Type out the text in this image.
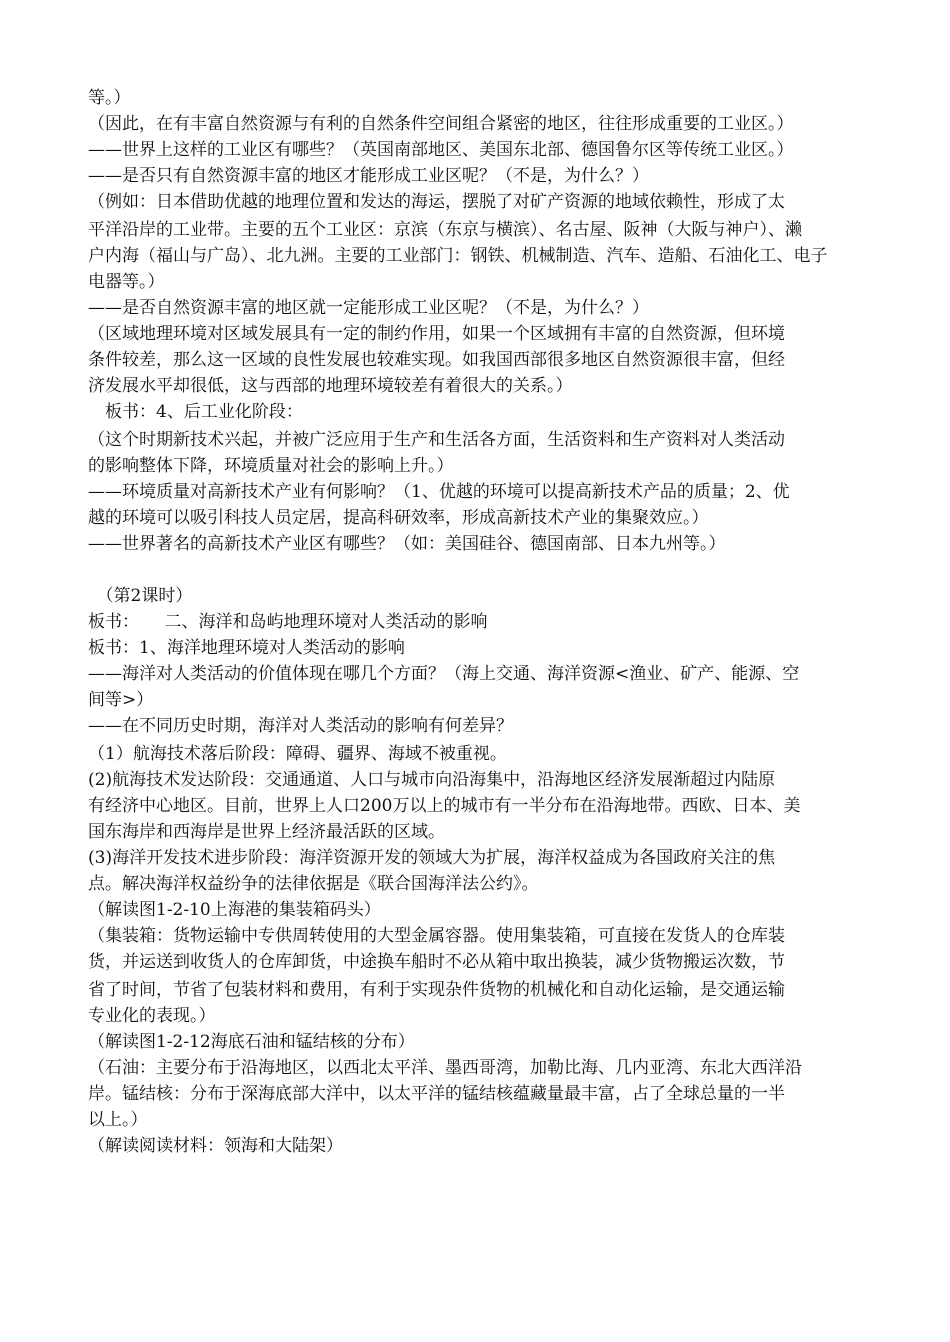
等。）
（因此，在有丰富自然资源与有利的自然条件空间组合紧密的地区，往往形成重要的工业区。）
——世界上这样的工业区有哪些？（英国南部地区、美国东北部、德国鲁尔区等传统工业区。）
——是否只有自然资源丰富的地区才能形成工业区呢？（不是，为什么？）
（例如：日本借助优越的地理位置和发达的海运，摆脱了对矿产资源的地域依赖性，形成了太
平洋沿岸的工业带。主要的五个工业区：京滨（东京与横滨）、名古屋、阪神（大阪与神户）、濑
户内海（福山与广岛）、北九洲。主要的工业部门：钢铁、机械制造、汽车、造船、石油化工、电子
电器等。）
——是否自然资源丰富的地区就一定能形成工业区呢？（不是，为什么？）
（区域地理环境对区域发展具有一定的制约作用，如果一个区域拥有丰富的自然资源，但环境
条件较差，那么这一区域的良性发展也较难实现。如我国西部很多地区自然资源很丰富，但经
济发展水平却很低，这与西部的地理环境较差有着很大的关系。）
　板书：4、后工业化阶段：
（这个时期新技术兴起，并被广泛应用于生产和生活各方面，生活资料和生产资料对人类活动
的影响整体下降，环境质量对社会的影响上升。）
——环境质量对高新技术产业有何影响？（1、优越的环境可以提高新技术产品的质量；2、优
越的环境可以吸引科技人员定居，提高科研效率，形成高新技术产业的集聚效应。）
——世界著名的高新技术产业区有哪些？（如：美国硅谷、德国南部、日本九州等。）
　（第2课时）
板书：　　二、海洋和岛屿地理环境对人类活动的影响
板书：1、海洋地理环境对人类活动的影响
——海洋对人类活动的价值体现在哪几个方面？（海上交通、海洋资源<渔业、矿产、能源、空
间等>）
——在不同历史时期，海洋对人类活动的影响有何差异？
（1）航海技术落后阶段：障碍、疆界、海域不被重视。
(2)航海技术发达阶段：交通通道、人口与城市向沿海集中，沿海地区经济发展渐超过内陆原
有经济中心地区。目前，世界上人口200万以上的城市有一半分布在沿海地带。西欧、日本、美
国东海岸和西海岸是世界上经济最活跃的区域。
(3)海洋开发技术进步阶段：海洋资源开发的领域大为扩展，海洋权益成为各国政府关注的焦
点。解决海洋权益纷争的法律依据是《联合国海洋法公约》。
（解读图1-2-10上海港的集装箱码头）
（集装箱：货物运输中专供周转使用的大型金属容器。使用集装箱，可直接在发货人的仓库装
货，并运送到收货人的仓库卸货，中途换车船时不必从箱中取出换装，减少货物搬运次数，节
省了时间，节省了包装材料和费用，有利于实现杂件货物的机械化和自动化运输，是交通运输
专业化的表现。）
（解读图1-2-12海底石油和锰结核的分布）
（石油：主要分布于沿海地区，以西北太平洋、墨西哥湾，加勒比海、几内亚湾、东北大西洋沿
岸。锰结核：分布于深海底部大洋中，以太平洋的锰结核蕴藏量最丰富，占了全球总量的一半
以上。）
（解读阅读材料：领海和大陆架）
